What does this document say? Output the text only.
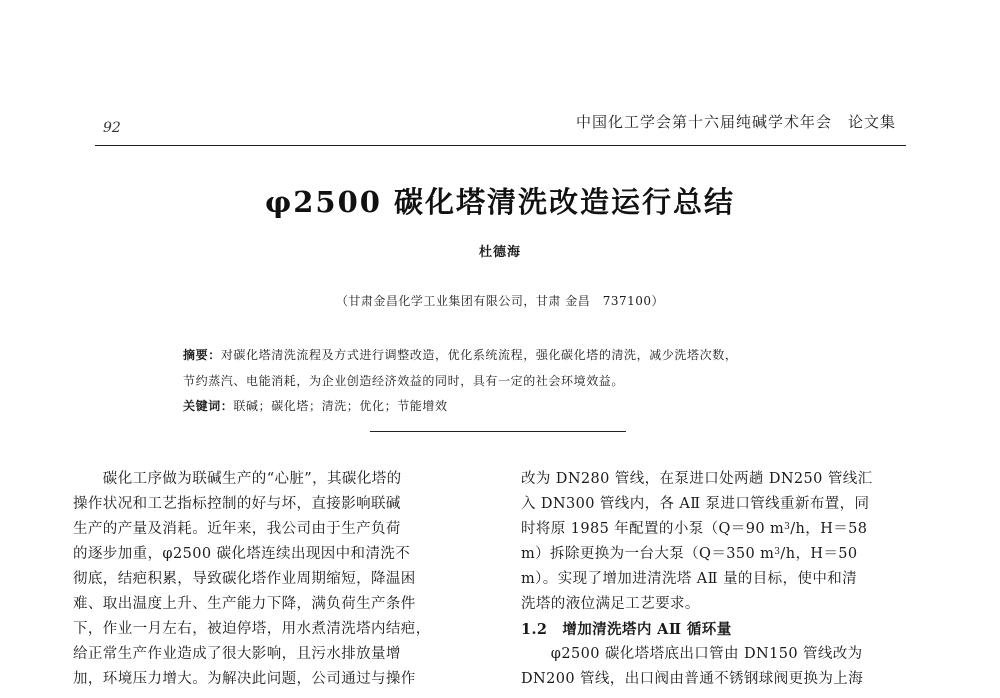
92	中国化工学会第十六届纯碱学术年会　论文集
φ2500 碳化塔清洗改造运行总结
杜德海
（甘肃金昌化学工业集团有限公司，甘肃 金昌　737100）
摘要：对碳化塔清洗流程及方式进行调整改造，优化系统流程，强化碳化塔的清洗，减少洗塔次数，
节约蒸汽、电能消耗，为企业创造经济效益的同时，具有一定的社会环境效益。
关键词：联碱；碳化塔；清洗；优化；节能增效

　　碳化工序做为联碱生产的“心脏”，其碳化塔的

操作状况和工艺指标控制的好与坏，直接影响联碱

生产的产量及消耗。近年来，我公司由于生产负荷

的逐步加重，φ2500 碳化塔连续出现因中和清洗不

彻底，结疤积累，导致碳化塔作业周期缩短，降温困

难、取出温度上升、生产能力下降，满负荷生产条件

下，作业一月左右，被迫停塔，用水煮清洗塔内结疤，

给正常生产作业造成了很大影响，且污水排放量增

加，环境压力增大。为解决此问题，公司通过与操作

改为 DN280 管线，在泵进口处两趟 DN250 管线汇

入 DN300 管线内，各 AⅡ 泵进口管线重新布置，同

时将原 1985 年配置的小泵（Q＝90 $m^3/h$，H＝58

m）拆除更换为一台大泵（Q＝350 $m^3/h$，H＝50

m）。实现了增加进清洗塔 AⅡ 量的目标，使中和清

洗塔的液位满足工艺要求。

1.2　增加清洗塔内 AⅡ 循环量

　　φ2500 碳化塔塔底出口管由 DN150 管线改为

DN200 管线，出口阀由普通不锈钢球阀更换为上海
